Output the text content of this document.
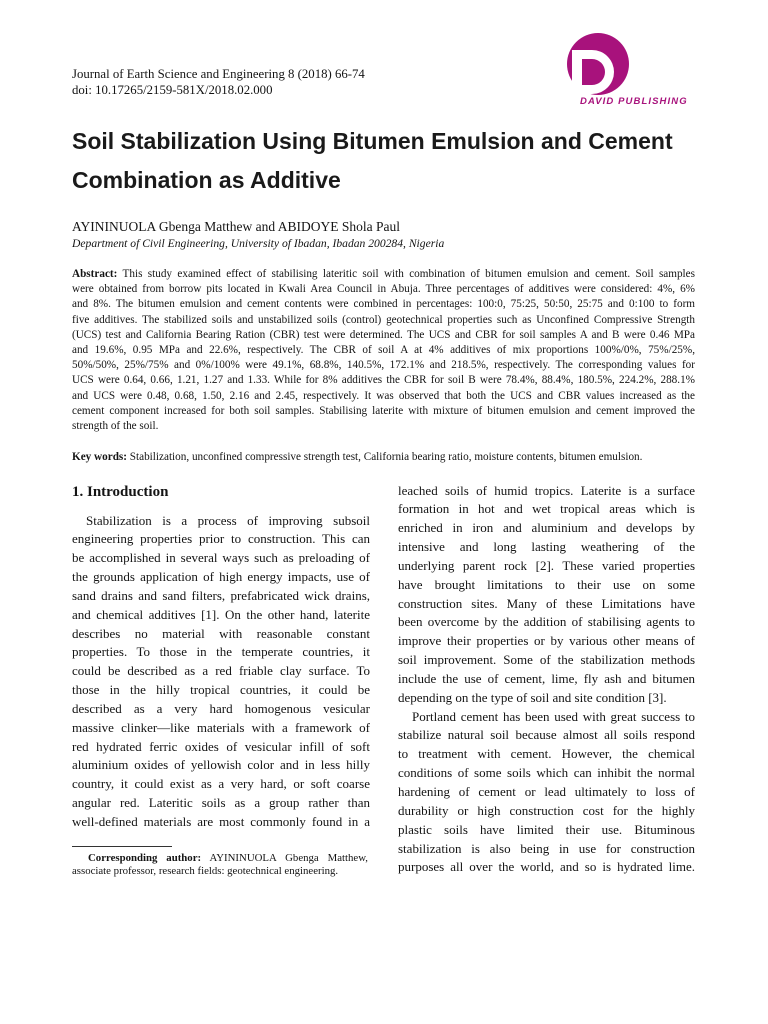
Journal of Earth Science and Engineering 8 (2018) 66-74
doi: 10.17265/2159-581X/2018.02.000
DAVID PUBLISHING
Soil Stabilization Using Bitumen Emulsion and Cement
Combination as Additive
AYININUOLA Gbenga Matthew and ABIDOYE Shola Paul
Department of Civil Engineering, University of Ibadan, Ibadan 200284, Nigeria
Abstract: This study examined effect of stabilising lateritic soil with combination of bitumen emulsion and cement. Soil samples
were obtained from borrow pits located in Kwali Area Council in Abuja. Three percentages of additives were considered: 4%, 6%
and 8%. The bitumen emulsion and cement contents were combined in percentages: 100:0, 75:25, 50:50, 25:75 and 0:100 to form
five additives. The stabilized soils and unstabilized soils (control) geotechnical properties such as Unconfined Compressive Strength
(UCS) test and California Bearing Ration (CBR) test were determined. The UCS and CBR for soil samples A and B were 0.46 MPa
and 19.6%, 0.95 MPa and 22.6%, respectively. The CBR of soil A at 4% additives of mix proportions 100%/0%, 75%/25%,
50%/50%, 25%/75% and 0%/100% were 49.1%, 68.8%, 140.5%, 172.1% and 218.5%, respectively. The corresponding values for
UCS were 0.64, 0.66, 1.21, 1.27 and 1.33. While for 8% additives the CBR for soil B were 78.4%, 88.4%, 180.5%, 224.2%, 288.1%
and UCS were 0.48, 0.68, 1.50, 2.16 and 2.45, respectively. It was observed that both the UCS and CBR values increased as the
cement component increased for both soil samples. Stabilising laterite with mixture of bitumen emulsion and cement improved the
strength of the soil.
Key words: Stabilization, unconfined compressive strength test, California bearing ratio, moisture contents, bitumen emulsion.
1. Introduction
Stabilization is a process of improving subsoil
engineering properties prior to construction. This can
be accomplished in several ways such as preloading of
the grounds application of high energy impacts, use of
sand drains and sand filters, prefabricated wick drains,
and chemical additives [1]. On the other hand, laterite
describes no material with reasonable constant
properties. To those in the temperate countries, it
could be described as a red friable clay surface. To
those in the hilly tropical countries, it could be
described as a very hard homogenous vesicular
massive clinker—like materials with a framework of
red hydrated ferric oxides of vesicular infill of soft
aluminium oxides of yellowish color and in less hilly
country, it could exist as a very hard, or soft coarse
angular red. Lateritic soils as a group rather than
well-defined materials are most commonly found in a
leached soils of humid tropics. Laterite is a surface
formation in hot and wet tropical areas which is
enriched in iron and aluminium and develops by
intensive and long lasting weathering of the
underlying parent rock [2]. These varied properties
have brought limitations to their use on some
construction sites. Many of these Limitations have
been overcome by the addition of stabilising agents to
improve their properties or by various other means of
soil improvement. Some of the stabilization methods
include the use of cement, lime, fly ash and bitumen
depending on the type of soil and site condition [3].
Portland cement has been used with great success to
stabilize natural soil because almost all soils respond
to treatment with cement. However, the chemical
conditions of some soils which can inhibit the normal
hardening of cement or lead ultimately to loss of
durability or high construction cost for the highly
plastic soils have limited their use. Bituminous
stabilization is also being in use for construction
purposes all over the world, and so is hydrated lime.
Corresponding author: AYININUOLA Gbenga Matthew,
associate professor, research fields: geotechnical engineering.
